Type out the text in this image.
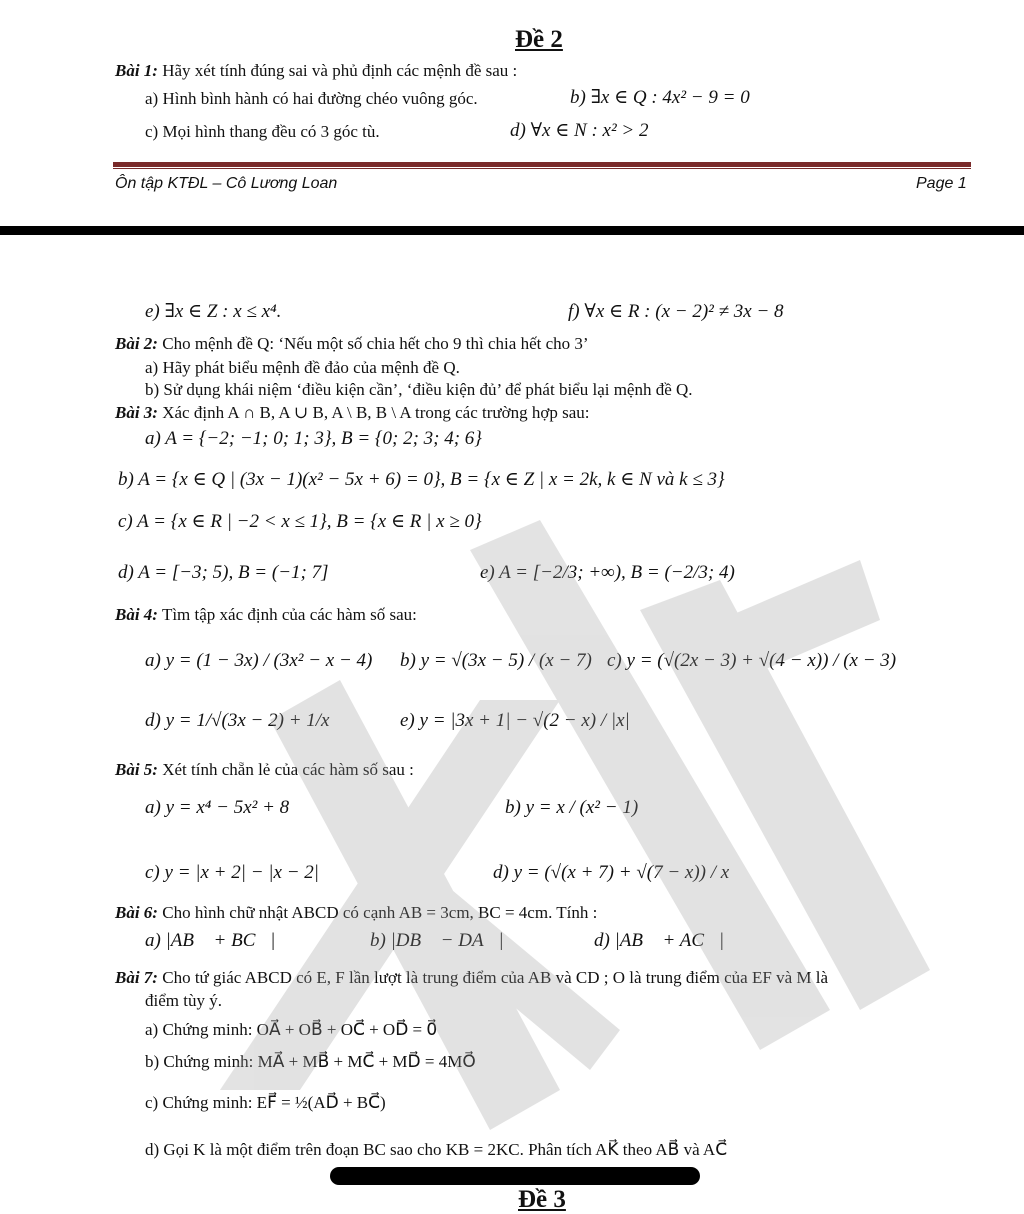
Đề 2
Bài 1: Hãy xét tính đúng sai và phủ định các mệnh đề sau :
a) Hình bình hành có hai đường chéo vuông góc.	b) ∃x ∈ Q : 4x² − 9 = 0
c) Mọi hình thang đều có 3 góc tù.	d) ∀x ∈ N : x² > 2
Ôn tập KTĐL – Cô Lương Loan	Page 1
e) ∃x ∈ Z : x ≤ x⁴.	f) ∀x ∈ R : (x − 2)² ≠ 3x − 8
Bài 2: Cho mệnh đề Q: ‘Nếu một số chia hết cho 9 thì chia hết cho 3’
a) Hãy phát biểu mệnh đề đảo của mệnh đề Q.
b) Sử dụng khái niệm ‘điều kiện cần’, ‘điều kiện đủ’ để phát biểu lại mệnh đề Q.
Bài 3: Xác định A ∩ B, A ∪ B, A \ B, B \ A trong các trường hợp sau:
a) A = {−2; −1; 0; 1; 3}, B = {0; 2; 3; 4; 6}
b) A = {x ∈ Q | (3x − 1)(x² − 5x + 6) = 0}, B = {x ∈ Z | x = 2k, k ∈ N và k ≤ 3}
c) A = {x ∈ R | −2 < x ≤ 1}, B = {x ∈ R | x ≥ 0}
d) A = [−3; 5), B = (−1; 7]	e) A = [−2/3; +∞), B = (−2/3; 4)
Bài 4: Tìm tập xác định của các hàm số sau:
a) y = (1 − 3x) / (3x² − x − 4) b) y = √(3x − 5) / (x − 7) c) y = (√(2x − 3) + √(4 − x)) / (x − 3)
d) y = 1/√(3x − 2) + 1/x	e) y = |3x + 1| − √(2 − x) / |x|
Bài 5: Xét tính chẵn lẻ của các hàm số sau :
a) y = x⁴ − 5x² + 8	b) y = x / (x² − 1)
c) y = |x + 2| − |x − 2|	d) y = (√(x + 7) + √(7 − x)) / x
Bài 6: Cho hình chữ nhật ABCD có cạnh AB = 3cm, BC = 4cm. Tính :
a) |AB⃗ + BC⃗|	b) |DB⃗ − DA⃗|	d) |AB⃗ + AC⃗|
Bài 7: Cho tứ giác ABCD có E, F lần lượt là trung điểm của AB và CD ; O là trung điểm của EF và M là
điểm tùy ý.
a) Chứng minh: OA⃗ + OB⃗ + OC⃗ + OD⃗ = 0⃗
b) Chứng minh: MA⃗ + MB⃗ + MC⃗ + MD⃗ = 4MO⃗
c) Chứng minh: EF⃗ = ½(AD⃗ + BC⃗)
d) Gọi K là một điểm trên đoạn BC sao cho KB = 2KC. Phân tích AK⃗ theo AB⃗ và AC⃗
Đề 3
